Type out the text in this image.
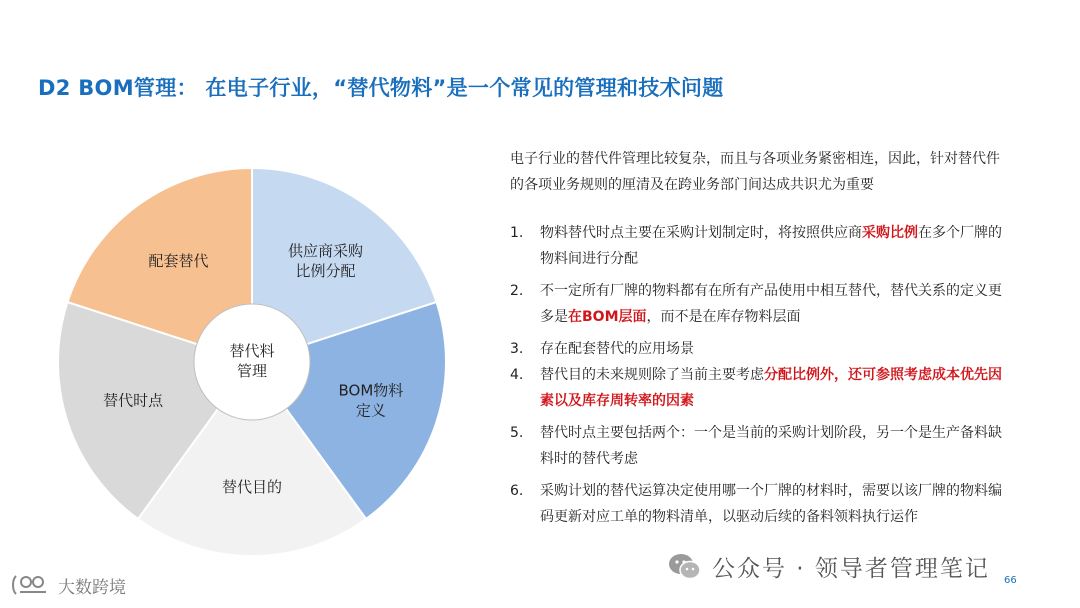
D2 BOM管理： 在电子行业，“替代物料”是一个常见的管理和技术问题
供应商采购
比例分配
BOM物料
定义
替代目的
替代时点
配套替代
替代料
管理
电子行业的替代件管理比较复杂，而且与各项业务紧密相连，因此，针对替代件的各项业务规则的厘清及在跨业务部门间达成共识尤为重要
1. 物料替代时点主要在采购计划制定时，将按照供应商采购比例在多个厂牌的物料间进行分配
2. 不一定所有厂牌的物料都有在所有产品使用中相互替代，替代关系的定义更多是在BOM层面，而不是在库存物料层面
3. 存在配套替代的应用场景
4. 替代目的未来规则除了当前主要考虑分配比例外，还可参照考虑成本优先因素以及库存周转率的因素
5. 替代时点主要包括两个：一个是当前的采购计划阶段，另一个是生产备料缺料时的替代考虑
6. 采购计划的替代运算决定使用哪一个厂牌的材料时，需要以该厂牌的物料编码更新对应工单的物料清单，以驱动后续的备料领料执行运作
公众号 · 领导者管理笔记 66
大数跨境
